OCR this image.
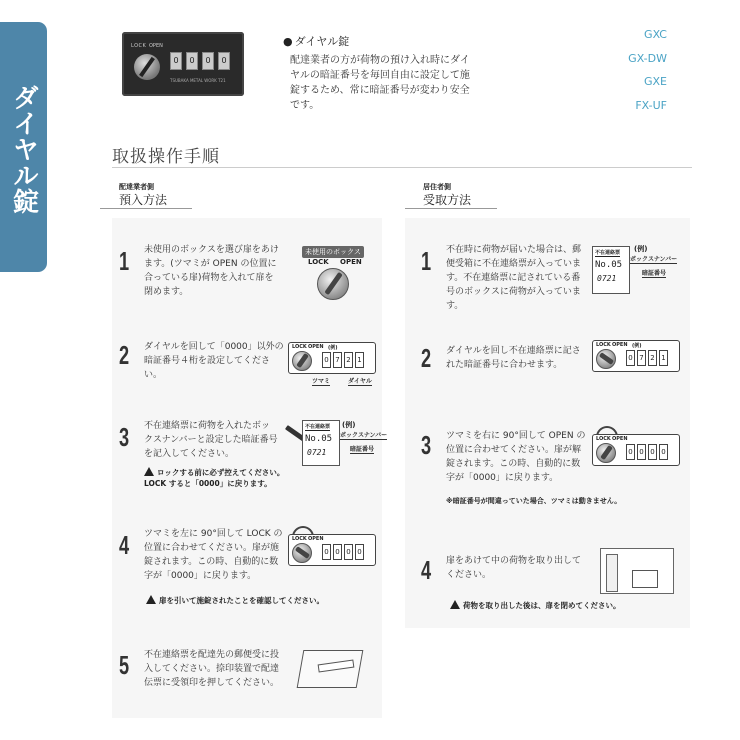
ダイヤル錠
LOCK OPEN
0	0	0	0
TSUBAKA METAL WORK T21
● ダイヤル錠
配達業者の方が荷物の預け入れ時にダイヤルの暗証番号を毎回自由に設定して施錠するため、常に暗証番号が変わり安全です。
GXC
GX-DW
GXE
FX-UF
取扱操作手順
配達業者側
預入方法
居住者側
受取方法
1 未使用のボックスを選び扉をあけます。(ツマミが OPEN の位置に合っている扉)荷物を入れて扉を閉めます。
未使用のボックス
LOCK OPEN
2 ダイヤルを回して「0000」以外の暗証番号４桁を設定してください。
LOCK OPEN (例)
0 7 2 1
ツマミ	ダイヤル
3 不在連絡票に荷物を入れたボックスナンバーと設定した暗証番号を記入してください。
ロックする前に必ず控えてください。LOCK すると「0000」に戻ります。
不在連絡票
No.05
0721
(例)
ボックスナンバー
暗証番号
4 ツマミを左に 90°回して LOCK の位置に合わせてください。扉が施錠されます。この時、自動的に数字が「0000」に戻ります。
扉を引いて施錠されたことを確認してください。
LOCK OPEN
0 0 0 0
5 不在連絡票を配達先の郵便受に投入してください。捺印装置で配達伝票に受領印を押してください。
1 不在時に荷物が届いた場合は、郵便受箱に不在連絡票が入っています。不在連絡票に記されている番号のボックスに荷物が入っています。
不在連絡票
No.05
0721
(例)
ボックスナンバー
暗証番号
2 ダイヤルを回し不在連絡票に記された暗証番号に合わせます。
LOCK OPEN (例)
0 7 2 1
3 ツマミを右に 90°回して OPEN の位置に合わせてください。扉が解錠されます。この時、自動的に数字が「0000」に戻ります。
※暗証番号が間違っていた場合、ツマミは動きません。
LOCK OPEN
0 0 0 0
4 扉をあけて中の荷物を取り出してください。
荷物を取り出した後は、扉を閉めてください。
